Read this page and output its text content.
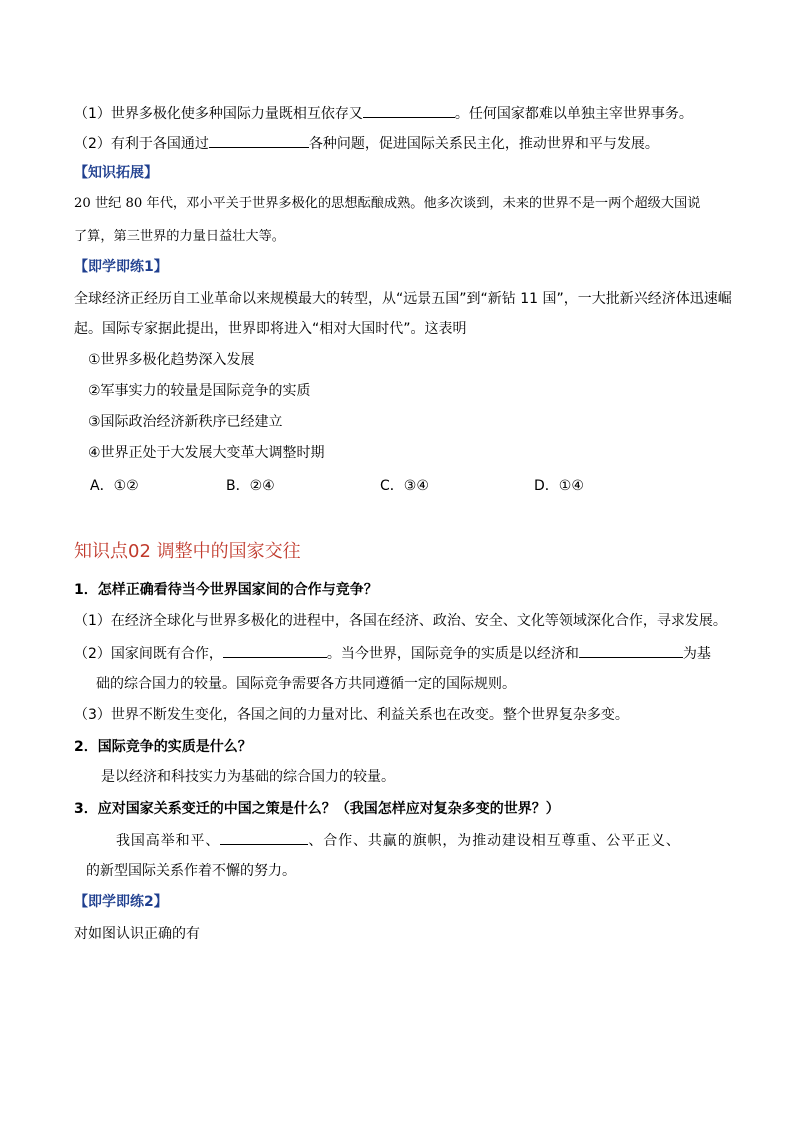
（1）世界多极化使多种国际力量既相互依存又	。任何国家都难以单独主宰世界事务。
（2）有利于各国通过	各种问题，促进国际关系民主化，推动世界和平与发展。
【知识拓展】
20 世纪 80 年代，邓小平关于世界多极化的思想酝酿成熟。他多次谈到，未来的世界不是一两个超级大国说
了算，第三世界的力量日益壮大等。
【即学即练1】
全球经济正经历自工业革命以来规模最大的转型，从“远景五国”到“新钻 11 国”，一大批新兴经济体迅速崛
起。国际专家据此提出，世界即将进入“相对大国时代”。这表明
①世界多极化趋势深入发展
②军事实力的较量是国际竞争的实质
③国际政治经济新秩序已经建立
④世界正处于大发展大变革大调整时期
A．①②	B．②④	C．③④	D．①④
知识点02 调整中的国家交往
1．怎样正确看待当今世界国家间的合作与竞争？
（1）在经济全球化与世界多极化的进程中，各国在经济、政治、安全、文化等领域深化合作，寻求发展。
（2）国家间既有合作，	。当今世界，国际竞争的实质是以经济和	为基
础的综合国力的较量。国际竞争需要各方共同遵循一定的国际规则。
（3）世界不断发生变化，各国之间的力量对比、利益关系也在改变。整个世界复杂多变。
2．国际竞争的实质是什么？
是以经济和科技实力为基础的综合国力的较量。
3．应对国家关系变迁的中国之策是什么？（我国怎样应对复杂多变的世界？）
我国高举和平、	、合作、共赢的旗帜，为推动建设相互尊重、公平正义、
的新型国际关系作着不懈的努力。
【即学即练2】
对如图认识正确的有
